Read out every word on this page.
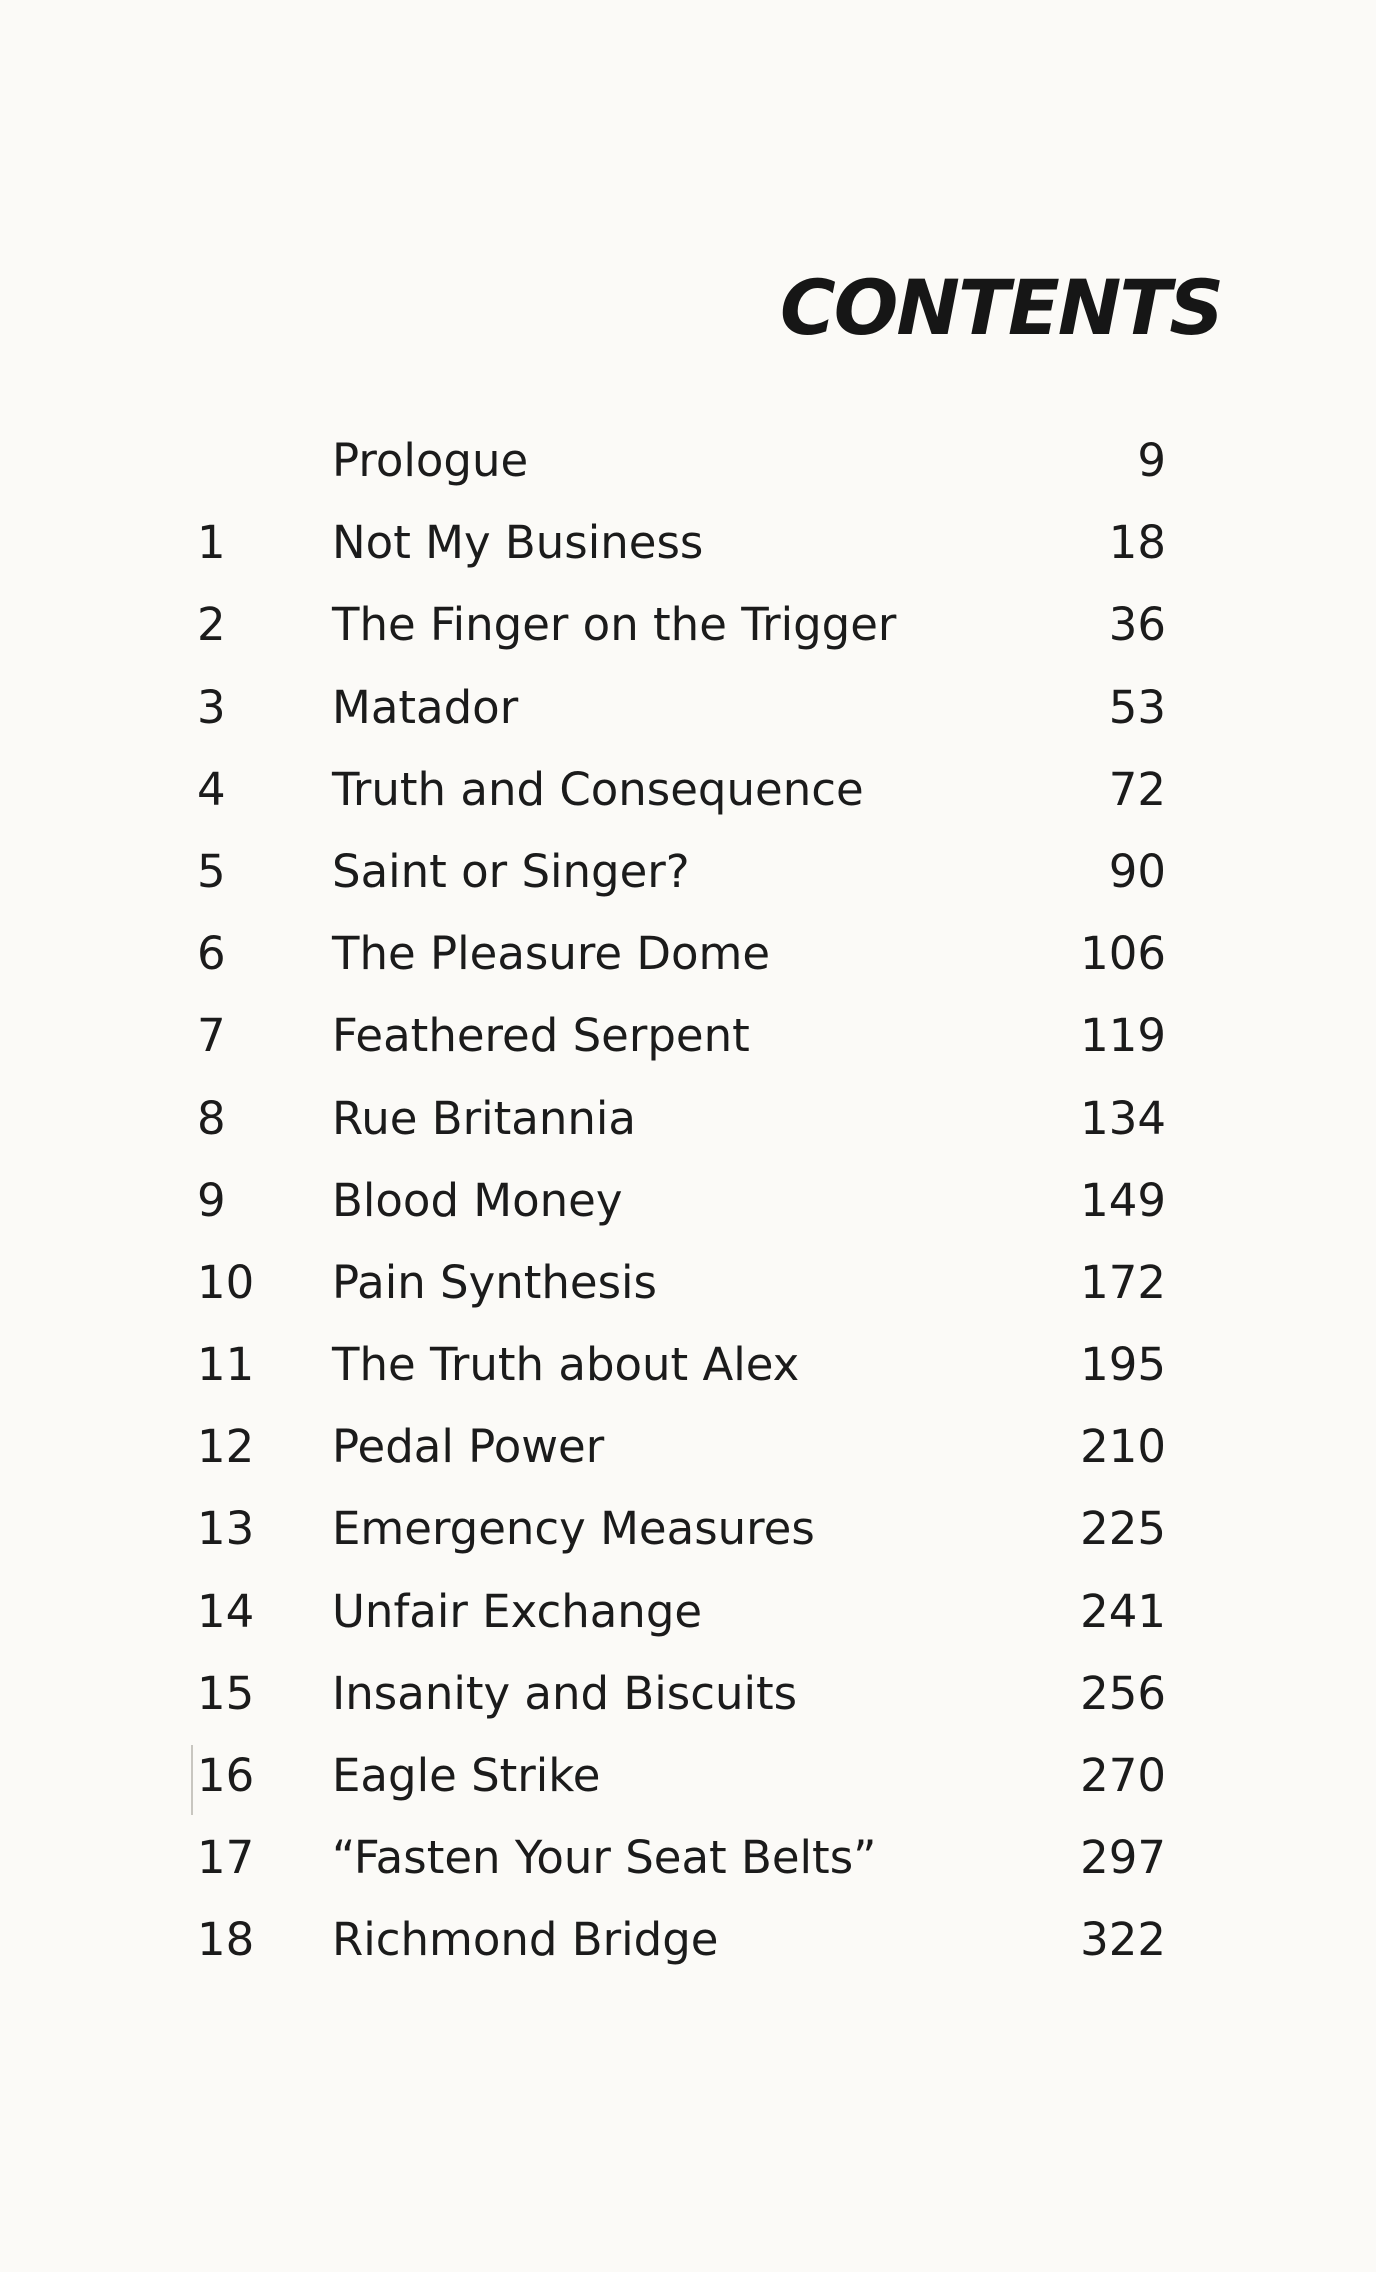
CONTENTS
Prologue	9
1	Not My Business	18
2	The Finger on the Trigger	36
3	Matador	53
4	Truth and Consequence	72
5	Saint or Singer?	90
6	The Pleasure Dome	106
7	Feathered Serpent	119
8	Rue Britannia	134
9	Blood Money	149
10	Pain Synthesis	172
11	The Truth about Alex	195
12	Pedal Power	210
13	Emergency Measures	225
14	Unfair Exchange	241
15	Insanity and Biscuits	256
16	Eagle Strike	270
17	“Fasten Your Seat Belts”	297
18	Richmond Bridge	322
